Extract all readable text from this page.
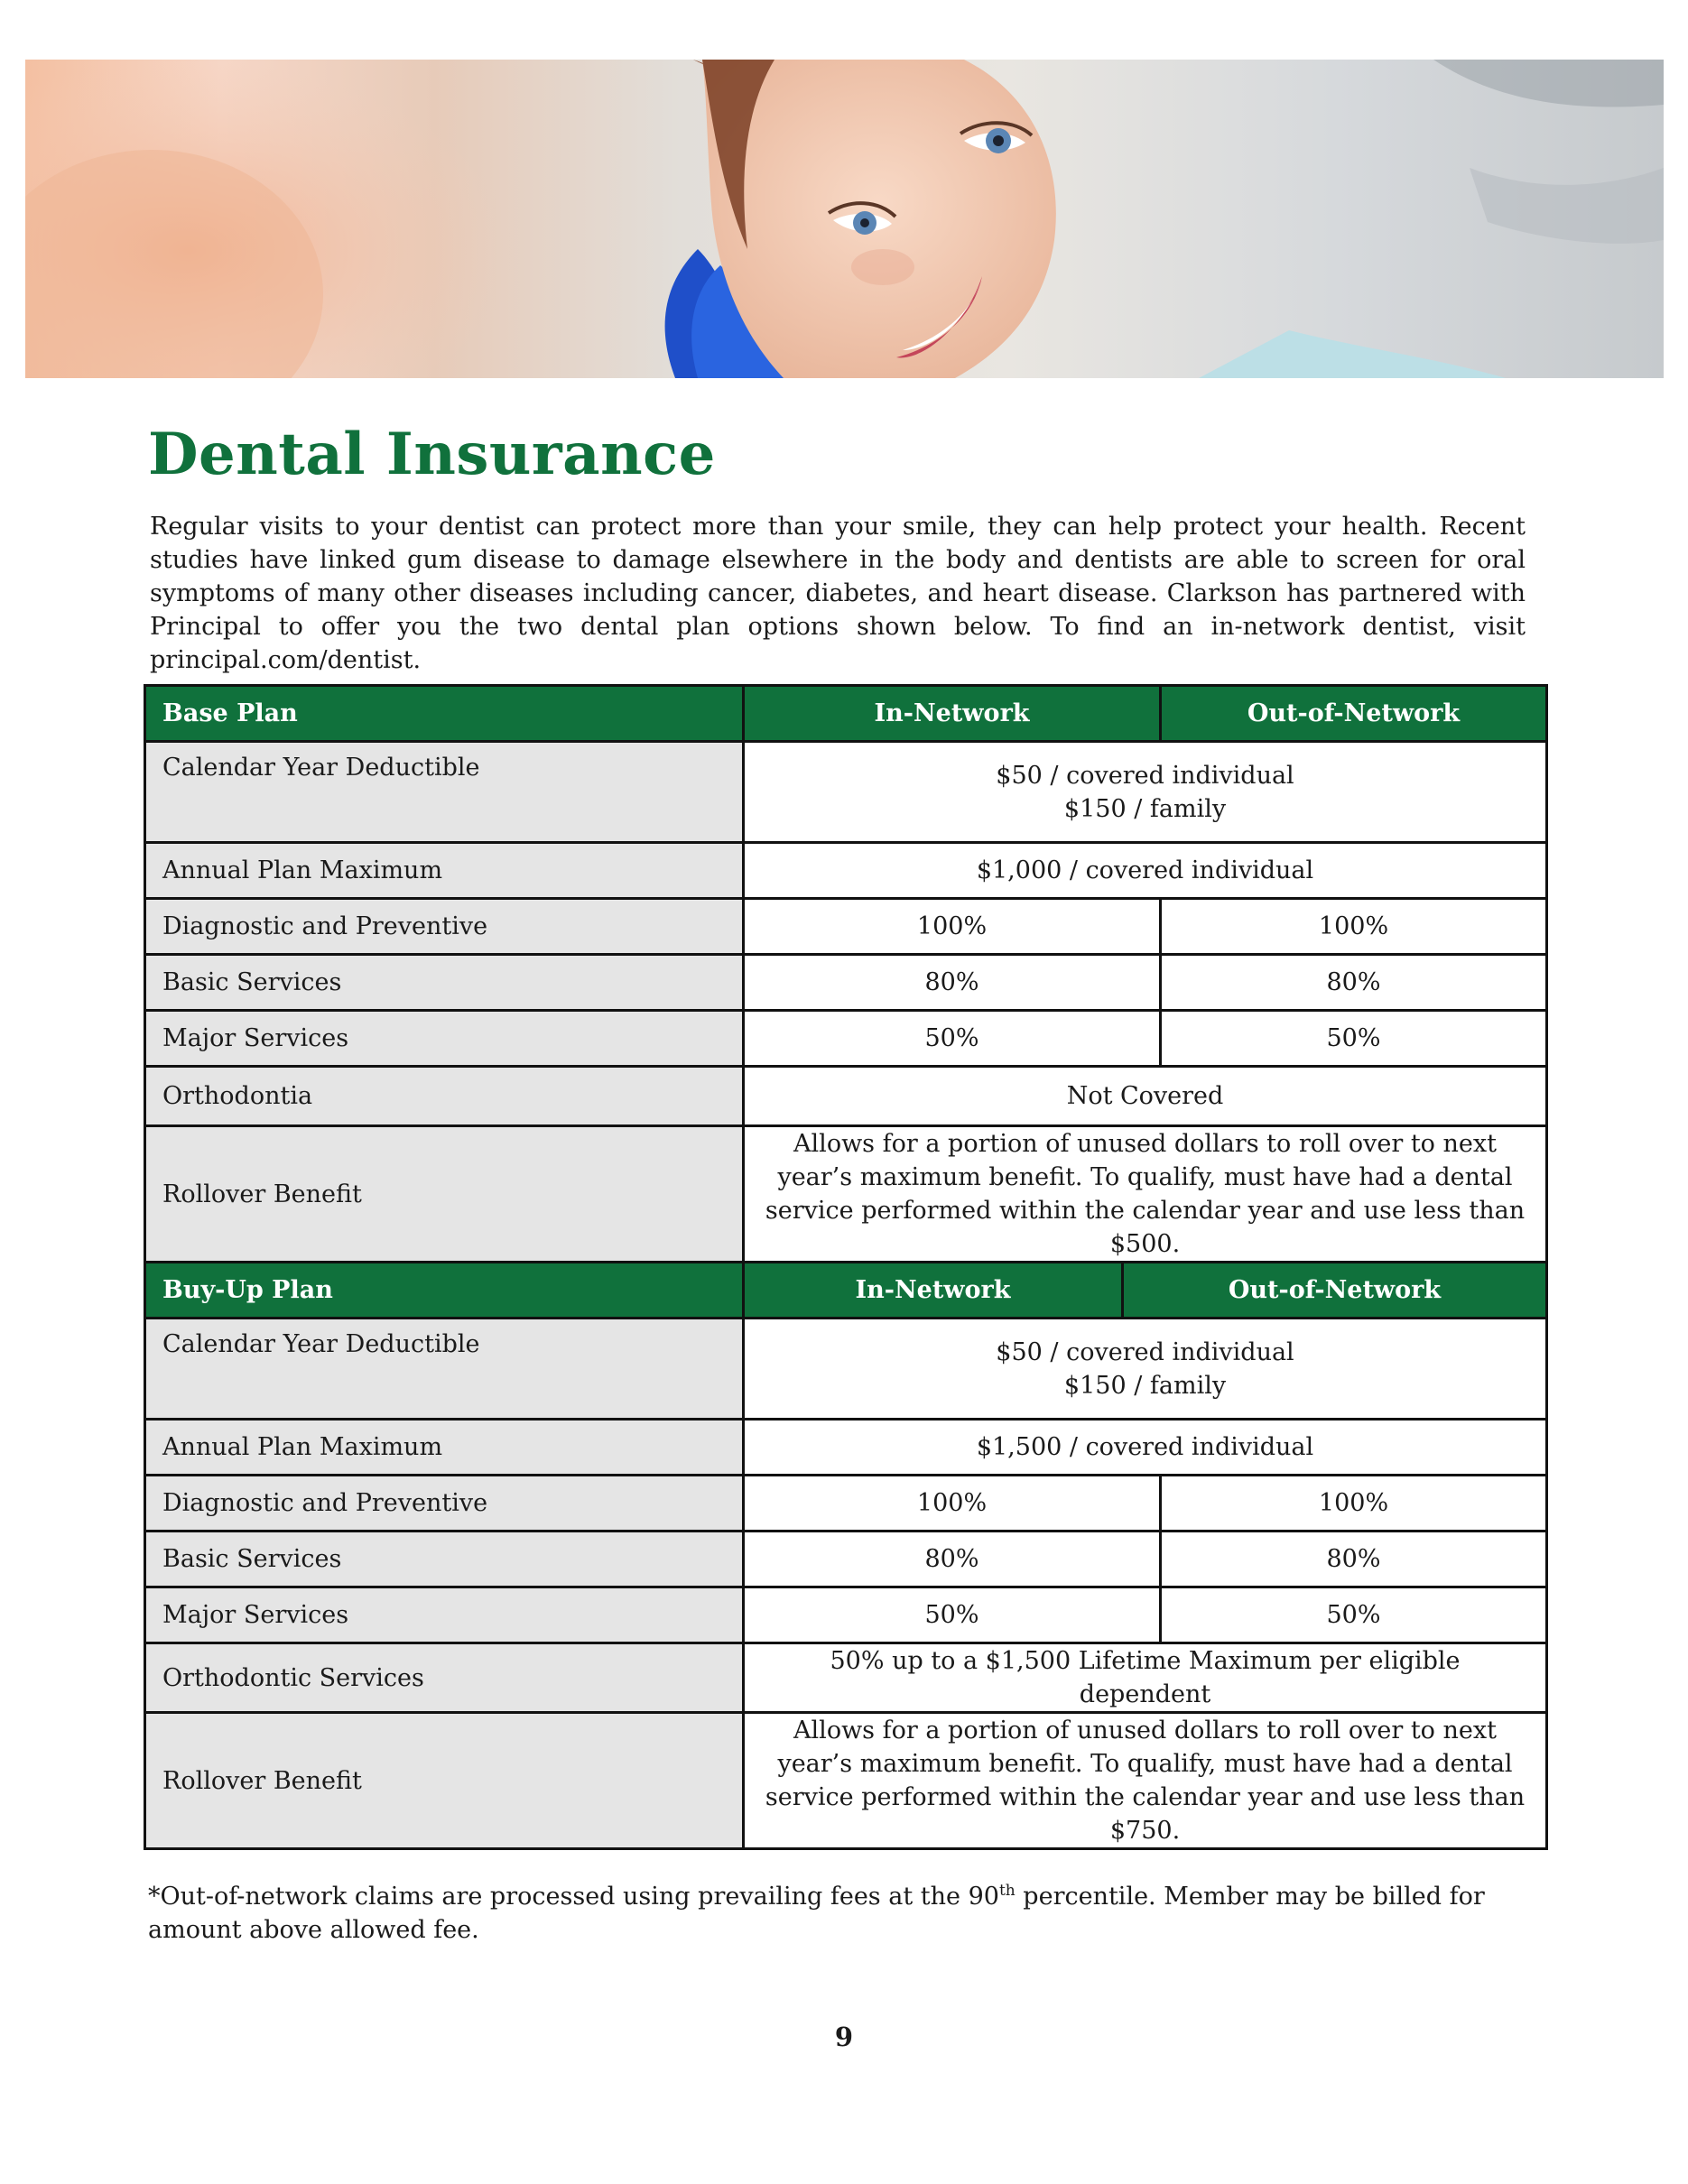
Dental Insurance

Regular visits to your dentist can protect more than your smile, they can help protect your health. Recent studies have linked gum disease to damage elsewhere in the body and dentists are able to screen for oral symptoms of many other diseases including cancer, diabetes, and heart disease. Clarkson has partnered with Principal to offer you the two dental plan options shown below. To find an in-network dentist, visit principal.com/dentist.

Base Plan	In-Network		Out-of-Network
Calendar Year Deductible	$50 / covered individual
$150 / family		

Annual Plan Maximum	$1,000 / covered individual		
Diagnostic and Preventive	100%		100%
Basic Services	80%		80%
Major Services	50%		50%
Orthodontia	Not Covered		
Rollover Benefit	Allows for a portion of unused dollars to roll over to next year’s maximum benefit. To qualify, must have had a dental service performed within the calendar year and use less than $500.		
Buy-Up Plan	In-Network	Out-of-Network	
Calendar Year Deductible	$50 / covered individual
$150 / family		

Annual Plan Maximum	$1,500 / covered individual		
Diagnostic and Preventive	100%		100%
Basic Services	80%		80%
Major Services	50%		50%
Orthodontic Services	50% up to a $1,500 Lifetime Maximum per eligible dependent		
Rollover Benefit	Allows for a portion of unused dollars to roll over to next year’s maximum benefit. To qualify, must have had a dental service performed within the calendar year and use less than $750.		

*Out-of-network claims are processed using prevailing fees at the 90th percentile. Member may be billed for amount above allowed fee.

9
